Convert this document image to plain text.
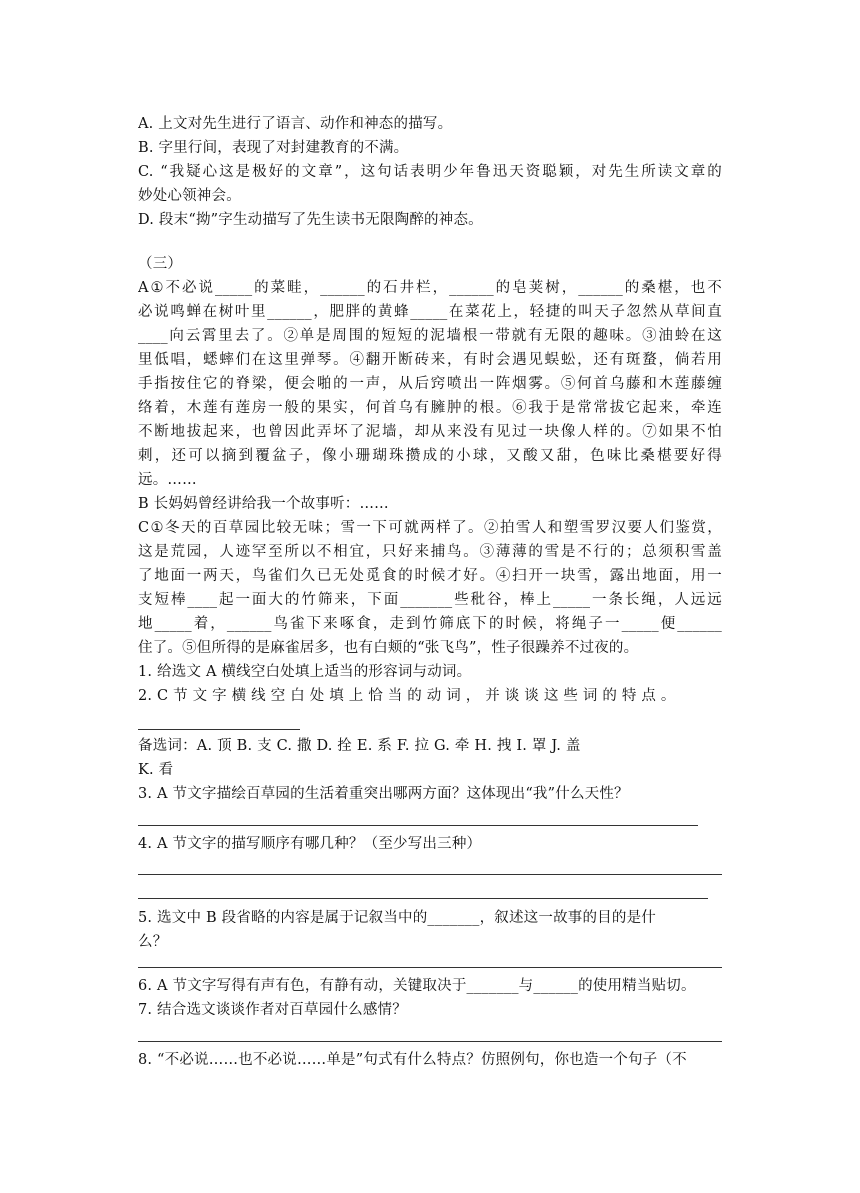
A. 上文对先生进行了语言、动作和神态的描写。
B. 字里行间，表现了对封建教育的不满。
C. “我疑心这是极好的文章”，这句话表明少年鲁迅天资聪颖，对先生所读文章的
妙处心领神会。
D. 段末“拗”字生动描写了先生读书无限陶醉的神态。
（三）
A①不必说_____的菜畦，______的石井栏，______的皂荚树，______的桑椹，也不
必说鸣蝉在树叶里______，肥胖的黄蜂_____在菜花上，轻捷的叫天子忽然从草间直
____向云霄里去了。②单是周围的短短的泥墙根一带就有无限的趣味。③油蛉在这
里低唱，蟋蟀们在这里弹琴。④翻开断砖来，有时会遇见蜈蚣，还有斑蝥，倘若用
手指按住它的脊梁，便会啪的一声，从后窍喷出一阵烟雾。⑤何首乌藤和木莲藤缠
络着，木莲有莲房一般的果实，何首乌有臃肿的根。⑥我于是常常拔它起来，牵连
不断地拔起来，也曾因此弄坏了泥墙，却从来没有见过一块像人样的。⑦如果不怕
刺，还可以摘到覆盆子，像小珊瑚珠攒成的小球，又酸又甜，色味比桑椹要好得
远。……
B 长妈妈曾经讲给我一个故事听：……
C①冬天的百草园比较无味；雪一下可就两样了。②拍雪人和塑雪罗汉要人们鉴赏，
这是荒园，人迹罕至所以不相宜，只好来捕鸟。③薄薄的雪是不行的；总须积雪盖
了地面一两天，鸟雀们久已无处觅食的时候才好。④扫开一块雪，露出地面，用一
支短棒____起一面大的竹筛来，下面_______些秕谷，棒上_____一条长绳，人远远
地_____着，______鸟雀下来啄食，走到竹筛底下的时候，将绳子一_____便______
住了。⑤但所得的是麻雀居多，也有白颊的“张飞鸟”，性子很躁养不过夜的。
1. 给选文 A 横线空白处填上适当的形容词与动词。
2. C 节 文 字 横 线 空 白 处 填 上 恰 当 的 动 词 ， 并 谈 谈 这 些 词 的 特 点 。
备选词：A. 顶 B. 支 C. 撒 D. 拴 E. 系 F. 拉 G. 牵 H. 拽 I. 罩 J. 盖
K. 看
3. A 节文字描绘百草园的生活着重突出哪两方面？这体现出“我”什么天性？
4. A 节文字的描写顺序有哪几种？（至少写出三种）
5. 选文中 B 段省略的内容是属于记叙当中的_______，叙述这一故事的目的是什
么？
6. A 节文字写得有声有色，有静有动，关键取决于_______与______的使用精当贴切。
7. 结合选文谈谈作者对百草园什么感情？
8. “不必说……也不必说……单是”句式有什么特点？仿照例句，你也造一个句子（不
